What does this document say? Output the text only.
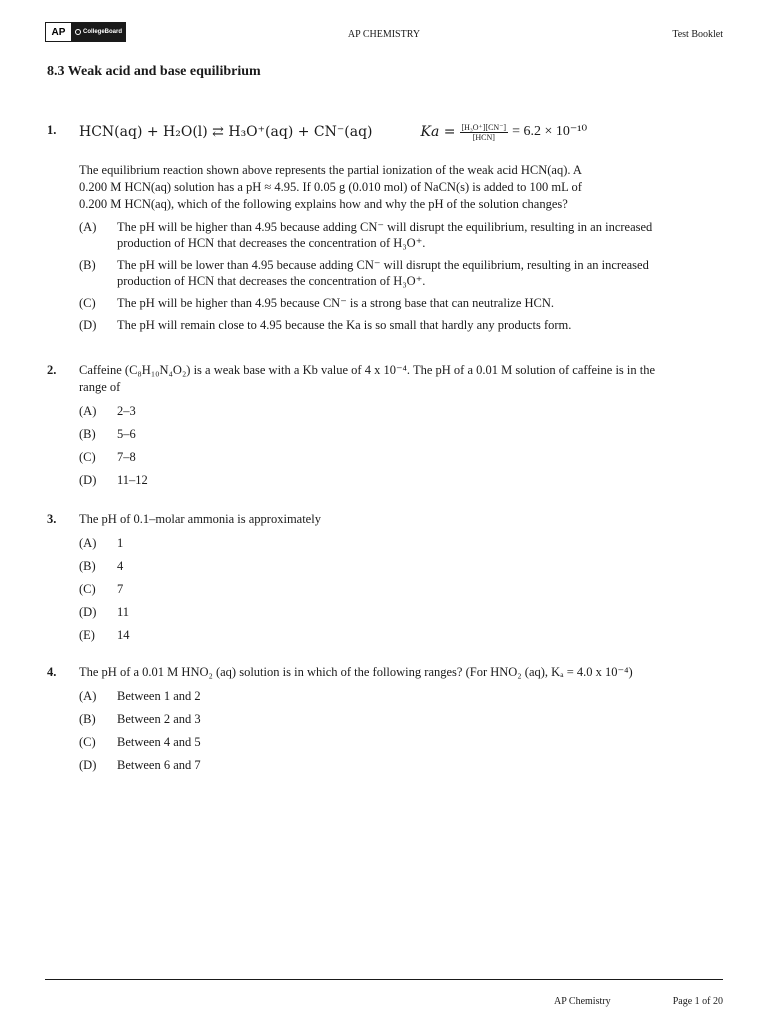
AP	CollegeBoard	AP CHEMISTRY	Test Booklet
8.3 Weak acid and base equilibrium
1. HCN(aq) + H₂O(l) ⇄ H₃O⁺(aq) + CN⁻(aq)	$Ka = \frac{\text{[H₃O⁺][CN⁻]}}{\text{[HCN]}} = 6.2 \times 10^{-10}$
The equilibrium reaction shown above represents the partial ionization of the weak acid HCN(aq). A
0.200 M HCN(aq) solution has a pH ≈ 4.95. If 0.05 g (0.010 mol) of NaCN(s) is added to 100 mL of
0.200 M HCN(aq), which of the following explains how and why the pH of the solution changes?
(A)	The pH will be higher than 4.95 because adding CN⁻ will disrupt the equilibrium, resulting in an increased
production of HCN that decreases the concentration of H₃O⁺.
(B)	The pH will be lower than 4.95 because adding CN⁻ will disrupt the equilibrium, resulting in an increased
production of HCN that decreases the concentration of H₃O⁺.
(C)	The pH will be higher than 4.95 because CN⁻ is a strong base that can neutralize HCN.
(D)	The pH will remain close to 4.95 because the Ka is so small that hardly any products form.
2. Caffeine (C₈H₁₀N₄O₂) is a weak base with a Kb value of 4 x 10⁻⁴. The pH of a 0.01 M solution of caffeine is in the
range of
(A)	2–3
(B)	5–6
(C)	7–8
(D)	11–12
3. The pH of 0.1–molar ammonia is approximately
(A)	1
(B)	4
(C)	7
(D)	11
(E)	14
4. The pH of a 0.01 M HNO₂ (aq) solution is in which of the following ranges? (For HNO₂ (aq), Kₐ = 4.0 x 10⁻⁴)
(A)	Between 1 and 2
(B)	Between 2 and 3
(C)	Between 4 and 5
(D)	Between 6 and 7
AP Chemistry	Page 1 of 20
